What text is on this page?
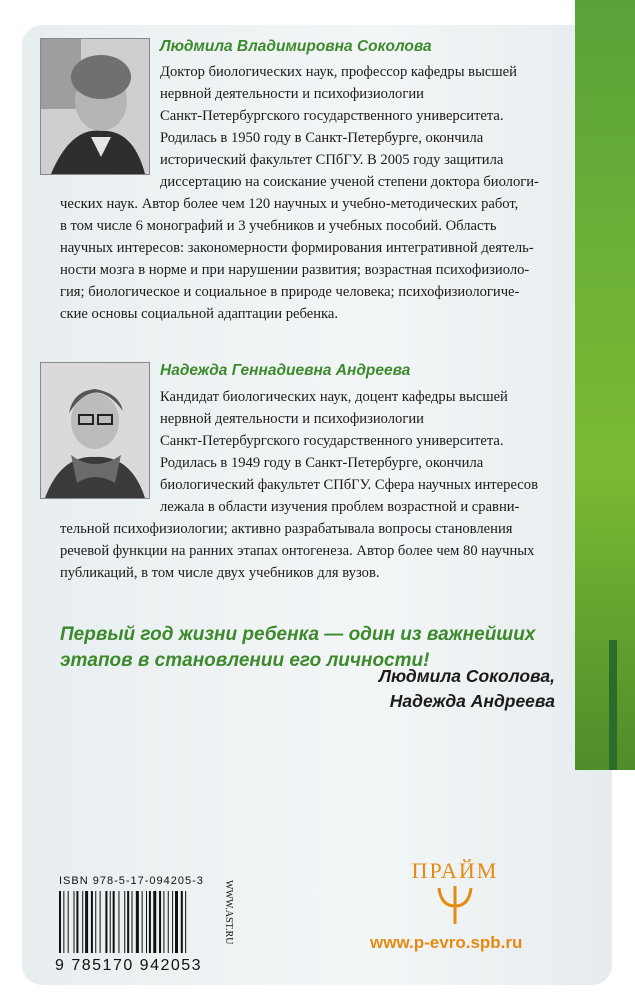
Людмила Владимировна Соколова
Доктор биологических наук, профессор кафедры высшей
нервной деятельности и психофизиологии
Санкт-Петербургского государственного университета.
Родилась в 1950 году в Санкт-Петербурге, окончила
исторический факультет СПбГУ. В 2005 году защитила
диссертацию на соискание ученой степени доктора биологи-
ческих наук. Автор более чем 120 научных и учебно-методических работ,
в том числе 6 монографий и 3 учебников и учебных пособий. Область
научных интересов: закономерности формирования интегративной деятель-
ности мозга в норме и при нарушении развития; возрастная психофизиоло-
гия; биологическое и социальное в природе человека; психофизиологиче-
ские основы социальной адаптации ребенка.
Надежда Геннадиевна Андреева
Кандидат биологических наук, доцент кафедры высшей
нервной деятельности и психофизиологии
Санкт-Петербургского государственного университета.
Родилась в 1949 году в Санкт-Петербурге, окончила
биологический факультет СПбГУ. Сфера научных интересов
лежала в области изучения проблем возрастной и сравни-
тельной психофизиологии; активно разрабатывала вопросы становления
речевой функции на ранних этапах онтогенеза. Автор более чем 80 научных
публикаций, в том числе двух учебников для вузов.
Первый год жизни ребенка — один из важнейших
этапов в становлении его личности!
Людмила Соколова,
Надежда Андреева
ISBN 978-5-17-094205-3
9 785170 942053
WWW.AST.RU
ПРАЙМ
www.p-evro.spb.ru
